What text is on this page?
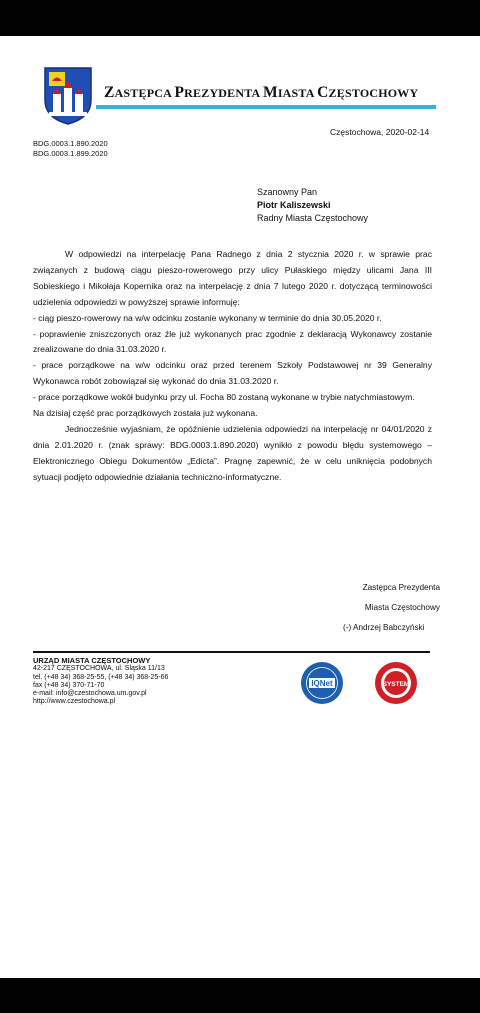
ZASTĘPCA PREZYDENTA MIASTA CZĘSTOCHOWY
Częstochowa, 2020-02-14
BDG.0003.1.890.2020
BDG.0003.1.899.2020
Szanowny Pan
Piotr Kaliszewski
Radny Miasta Częstochowy

W odpowiedzi na interpelację Pana Radnego z dnia 2 stycznia 2020 r. w sprawie prac związanych z budową ciągu pieszo-rowerowego przy ulicy Pułaskiego między ulicami Jana III Sobieskiego i Mikołaja Kopernika oraz na interpelację z dnia 7 lutego 2020 r. dotyczącą terminowości udzielenia odpowiedzi w powyższej sprawie informuję:

- ciąg pieszo-rowerowy na w/w odcinku zostanie wykonany w terminie do dnia 30.05.2020 r.

- poprawienie zniszczonych oraz źle już wykonanych prac zgodnie z deklaracją Wykonawcy zostanie zrealizowane do dnia 31.03.2020 r.

- prace porządkowe na w/w odcinku oraz przed terenem Szkoły Podstawowej nr 39 Generalny Wykonawca robót zobowiązał się wykonać do dnia 31.03.2020 r.

- prace porządkowe wokół budynku przy ul. Focha 80 zostaną wykonane w trybie natychmiastowym.

Na dzisiaj część prac porządkowych została już wykonana.

Jednocześnie wyjaśniam, że opóźnienie udzielenia odpowiedzi na interpelację nr 04/01/2020 z dnia 2.01.2020 r. (znak sprawy: BDG.0003.1.890.2020) wynikło z powodu błędu systemowego – Elektronicznego Obiegu Dokumentów „Edicta”. Pragnę zapewnić, że w celu uniknięcia podobnych sytuacji podjęto odpowiednie działania techniczno-informatyczne.

Zastępca Prezydenta
Miasta Częstochowy
(-) Andrzej Babczyński
URZĄD MIASTA CZĘSTOCHOWY
42-217 CZĘSTOCHOWA, ul. Śląska 11/13
tel. (+48 34) 368-25-55, (+48 34) 368-25-66
fax (+48 34) 370-71-70
e-mail: info@czestochowa.um.gov.pl
http://www.czestochowa.pl
IQNet	SYSTEM
